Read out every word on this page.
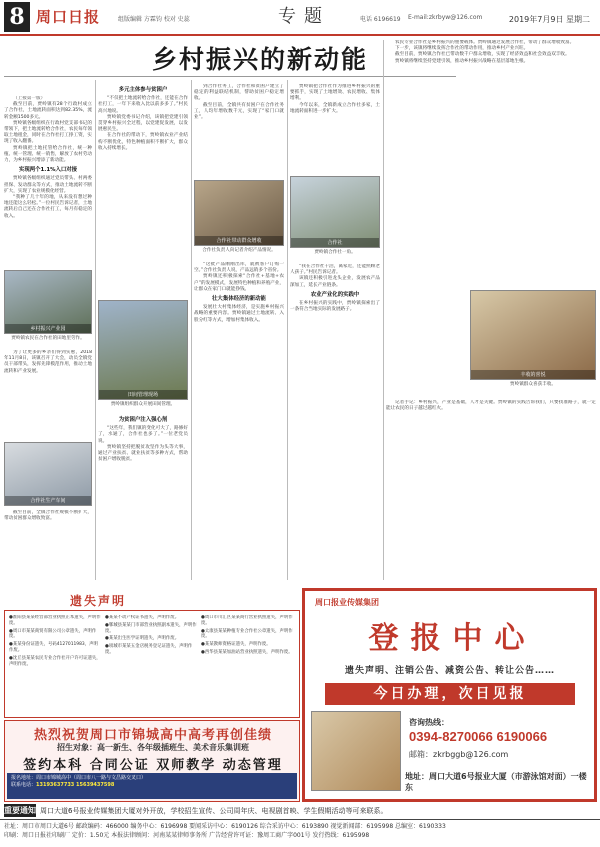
8 周口日报	组版编辑 方霖钧 校对 史蕊	专题	电话 6196619 E-mail:zkrbyw@126.com	2019年7月9日 星期二
乡村振兴的新动能

（上接第一版）

截至目前，贾岭镇有28个行政村成立了合作社，土地流转面积达到82.35%，流转金额1500多元。

贾岭镇各级组织在行政村党支部书记的带领下，把土地流转给合作社，农民每年领取土地租金，同时在合作社打工挣工资，实现了收入翻番。

贾岭镇把土地托管给合作社，统一种植、统一管理、统一销售，解放了农村劳动力，为乡村振兴增添了新动能。

实现两个1.1%入口对接

贾岭镇各级组织通过党员带头、村两委担保、发动群众等方式，推动土地流转不断扩大，实现了农业规模化经营。

“我种了几十年的地，从来没有想过种地还能这么轻松。”一位村民告诉记者，土地流转后自己还在合作社打工，每月有稳定的收入。

乡村振兴产业园
贾岭镇农民在合作社的田地里劳作。

为了让更多的乡亲们得到实惠，2018年11月8日，该镇召开了大会，动员全镇党员干部带头，发挥先锋模范作用，推动土地流转和产业发展。

合作社生产车间

截至目前，全镇合作社规模不断扩大，带动贫困群众增收致富。

多元主体参与贫困户

“不仅把土地流转给合作社，还能在合作社打工，一年下来收入比以前多多了。”村民高兴地说。

贾岭镇党委书记介绍，该镇把党建引领贯穿乡村振兴全过程，以党建促发展，以发展惠民生。

在合作社的带动下，贾岭镇农业产业结构不断优化，特色种植面积不断扩大，群众收入持续增长。

田间管理现场
贾岭镇组织群众开展田间管理。
为贫困户注入强心剂

“这些年，我们镇的变化可大了，路修好了，水通了，合作社也多了。”一位老党员说。

贾岭镇坚持把脱贫攻坚作为头等大事，通过产业扶贫、就业扶贫等多种方式，帮助贫困户增收脱贫。

到合作社务工，合作社和贫困户建立了稳定的利益联结机制，帮助贫困户稳定增收。

截至目前，全镇共有贫困户在合作社务工，人均年增收数千元，实现了“家门口就业”。

合作社带动群众增收
合作社负责人向记者介绍产品情况。

“这批产品刚刚出库，就被客户订购一空。”合作社负责人说，产品远销多个省份。

贾岭镇还积极探索“合作社+基地+农户”的发展模式，发展特色种植和养殖产业，让群众在家门口就能挣钱。

壮大集体经济的新动能

发展壮大村集体经济，是实施乡村振兴战略的重要内容。贾岭镇通过土地流转、入股分红等方式，增加村集体收入。

贾岭镇把合作社作为推进乡村振兴的重要抓手，实现了土地增效、农民增收、集体增利。

今年以来，全镇新成立合作社多家，土地流转面积进一步扩大。

合作社
贾岭镇合作社一角。

“我在合作社干活，离家近，还能照顾老人孩子。”村民告诉记者。

该镇还积极引进龙头企业，发展农产品深加工，延长产业链条。

农业产业化的实践中

在乡村振兴的实践中，贾岭镇探索出了一条符合当地实际的发展路子。

农民专业合作社是乡村振兴的重要载体。贾岭镇通过发展合作社，带动了群众增收致富。

下一步，该镇将继续发挥合作社的带动作用，推动乡村产业兴旺。

截至目前，贾岭镇合作社已带动数千户群众增收，实现了经济效益和社会效益双丰收。

贾岭镇将继续坚持党建引领，推动乡村振兴战略在基层落地生根。

丰收的喜悦
贾岭镇群众喜获丰收。

记者手记：乡村振兴，产业是基础，人才是关键。贾岭镇的实践告诉我们，只要找准路子，就一定能让农民的日子越过越红火。

遗失声明

●淮阳县某某经营部营业执照正本遗失，声明作废。

●周口市某某商贸有限公司公章遗失，声明作废。

●某某身份证遗失，号码4127011983，声明作废。

●沈丘县某某农民专业合作社开户许可证遗失，声明作废。

●某某不动产权证书遗失，声明作废。

●郸城县某某门市部营业执照副本遗失，声明作废。

●某某出生医学证明遗失，声明作废。

●项城市某某五金店税务登记证遗失，声明作废。

●周口市川汇区某某商行营业执照遗失，声明作废。

●太康县某某种植专业合作社公章遗失，声明作废。

●某某教师资格证遗失，声明作废。

●西华县某某加油站营业执照遗失，声明作废。

周口报业传媒集团
登报中心
遗失声明、注销公告、减资公告、转让公告……
今日办理，次日见报
咨询热线：
0394-8270066 6190066
邮箱：zkrbggb@126.com
地址：周口大道6号报业大厦（市游泳馆对面）一楼东
热烈祝贺周口市锦城高中高考再创佳绩
招生对象：高一新生、各年级插班生、美术音乐集训班
签约本科 合同公证 双师教学 动态管理
报名地址：周口市锦城高中（周口市八一路与文昌路交叉口）
联系电话：13193637733 15639437598
重要通知 周口大道6号报业传媒集团大厦对外开放，学校招生宣传、公司周年庆、电视剧首映、学生假期活动等可来联系。
社址：周口市周口大道6号 邮政编码：466000 编务中心：6196998 要闻采访中心：6190126 综合采访中心：6193890 视觉新闻部：6195998 总编室：6190333
印刷：周口日报社印刷厂 定价：1.50元 本报法律顾问：河南某某律师事务所 广告经营许可证：豫周工商广字001号 发行热线：6195998
